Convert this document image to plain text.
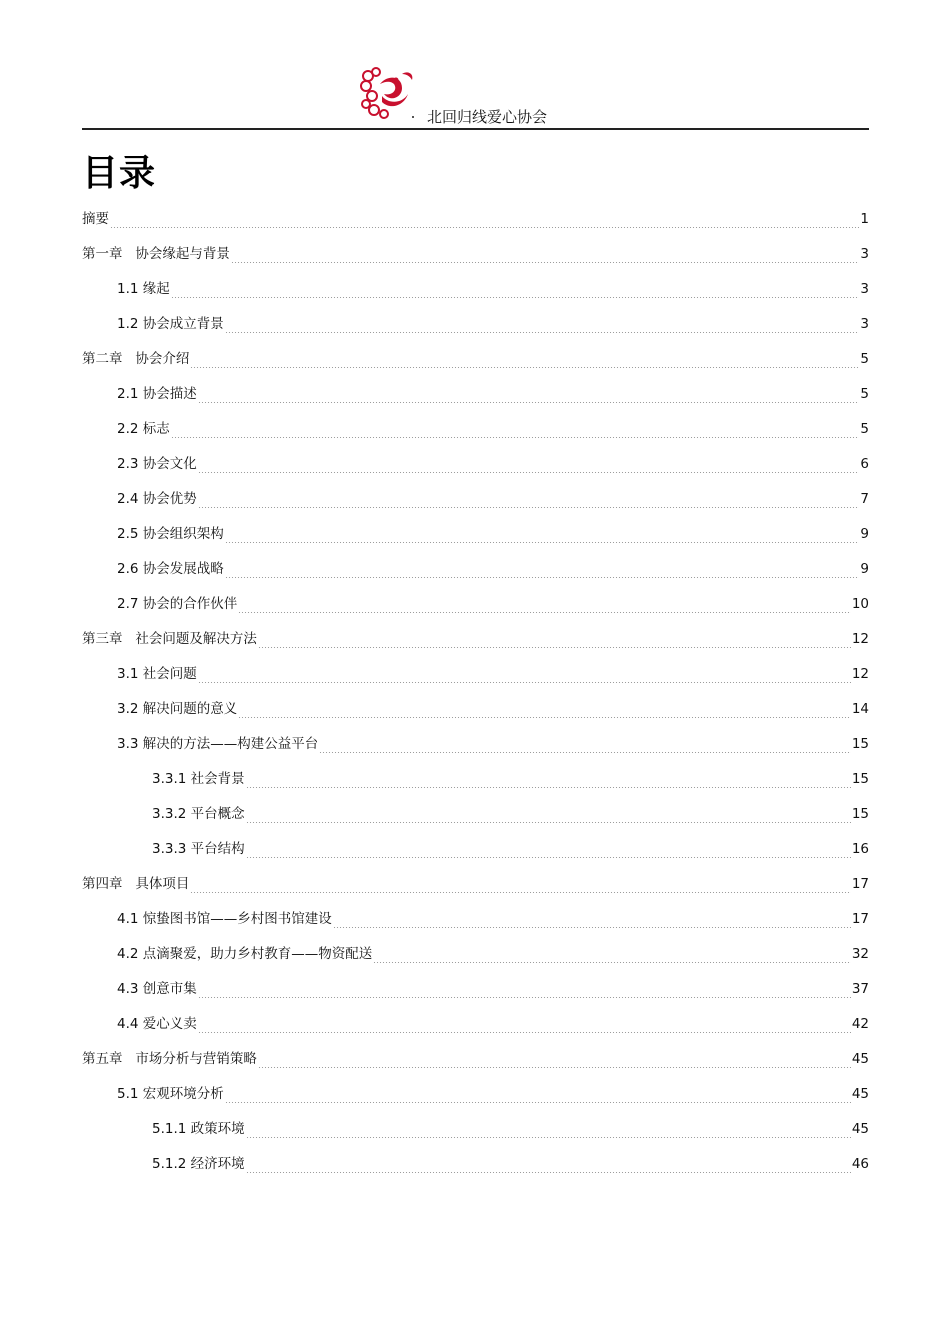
北回归线爱心协会
目录
摘要	1
第一章   协会缘起与背景	3
1.1 缘起	3
1.2 协会成立背景	3
第二章   协会介绍	5
2.1 协会描述	5
2.2 标志	5
2.3 协会文化	6
2.4 协会优势	7
2.5 协会组织架构	9
2.6 协会发展战略	9
2.7 协会的合作伙伴	10
第三章   社会问题及解决方法	12
3.1 社会问题	12
3.2 解决问题的意义	14
3.3 解决的方法——构建公益平台	15
3.3.1 社会背景	15
3.3.2 平台概念	15
3.3.3 平台结构	16
第四章   具体项目	17
4.1 惊蛰图书馆——乡村图书馆建设	17
4.2 点滴聚爱，助力乡村教育——物资配送	32
4.3 创意市集	37
4.4 爱心义卖	42
第五章   市场分析与营销策略	45
5.1 宏观环境分析	45
5.1.1 政策环境	45
5.1.2 经济环境	46
